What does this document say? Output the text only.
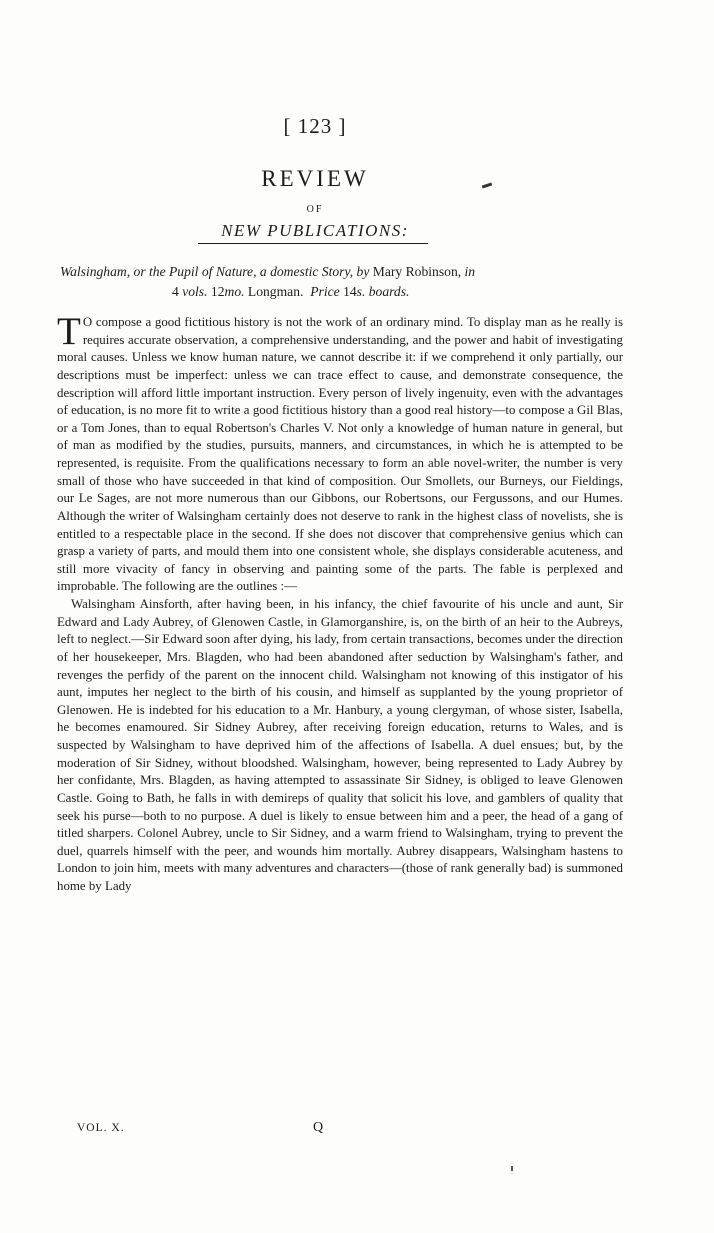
[ 123 ]
REVIEW
OF
NEW PUBLICATIONS:
Walsingham, or the Pupil of Nature, a domestic Story, by Mary Robinson, in
4 vols. 12mo. Longman.  Price 14s. boards.

T O compose a good fictitious history is not the work of an ordinary mind. To display man as he really is requires accurate observation, a comprehensive understanding, and the power and habit of investigating moral causes. Unless we know human nature, we cannot describe it: if we comprehend it only partially, our descriptions must be imperfect: unless we can trace effect to cause, and demonstrate consequence, the description will afford little important instruction. Every person of lively ingenuity, even with the advantages of education, is no more fit to write a good fictitious history than a good real history—to compose a Gil Blas, or a Tom Jones, than to equal Robertson's Charles V. Not only a knowledge of human nature in general, but of man as modified by the studies, pursuits, manners, and circumstances, in which he is attempted to be represented, is requisite. From the qualifications necessary to form an able novel-writer, the number is very small of those who have succeeded in that kind of composition. Our Smollets, our Burneys, our Fieldings, our Le Sages, are not more numerous than our Gibbons, our Robertsons, our Fergussons, and our Humes. Although the writer of Walsingham certainly does not deserve to rank in the highest class of novelists, she is entitled to a respectable place in the second. If she does not discover that comprehensive genius which can grasp a variety of parts, and mould them into one consistent whole, she displays considerable acuteness, and still more vivacity of fancy in observing and painting some of the parts. The fable is perplexed and improbable. The following are the outlines :—

Walsingham Ainsforth, after having been, in his infancy, the chief favourite of his uncle and aunt, Sir Edward and Lady Aubrey, of Glenowen Castle, in Glamorganshire, is, on the birth of an heir to the Aubreys, left to neglect.—Sir Edward soon after dying, his lady, from certain transactions, becomes under the direction of her housekeeper, Mrs. Blagden, who had been abandoned after seduction by Walsingham's father, and revenges the perfidy of the parent on the innocent child. Walsingham not knowing of this instigator of his aunt, imputes her neglect to the birth of his cousin, and himself as supplanted by the young proprietor of Glenowen. He is indebted for his education to a Mr. Hanbury, a young clergyman, of whose sister, Isabella, he becomes enamoured. Sir Sidney Aubrey, after receiving foreign education, returns to Wales, and is suspected by Walsingham to have deprived him of the affections of Isabella. A duel ensues; but, by the moderation of Sir Sidney, without bloodshed. Walsingham, however, being represented to Lady Aubrey by her confidante, Mrs. Blagden, as having attempted to assassinate Sir Sidney, is obliged to leave Glenowen Castle. Going to Bath, he falls in with demireps of quality that solicit his love, and gamblers of quality that seek his purse—both to no purpose. A duel is likely to ensue between him and a peer, the head of a gang of titled sharpers. Colonel Aubrey, uncle to Sir Sidney, and a warm friend to Walsingham, trying to prevent the duel, quarrels himself with the peer, and wounds him mortally. Aubrey disappears, Walsingham hastens to London to join him, meets with many adventures and characters—(those of rank generally bad) is summoned home by Lady

VOL. X.	Q
